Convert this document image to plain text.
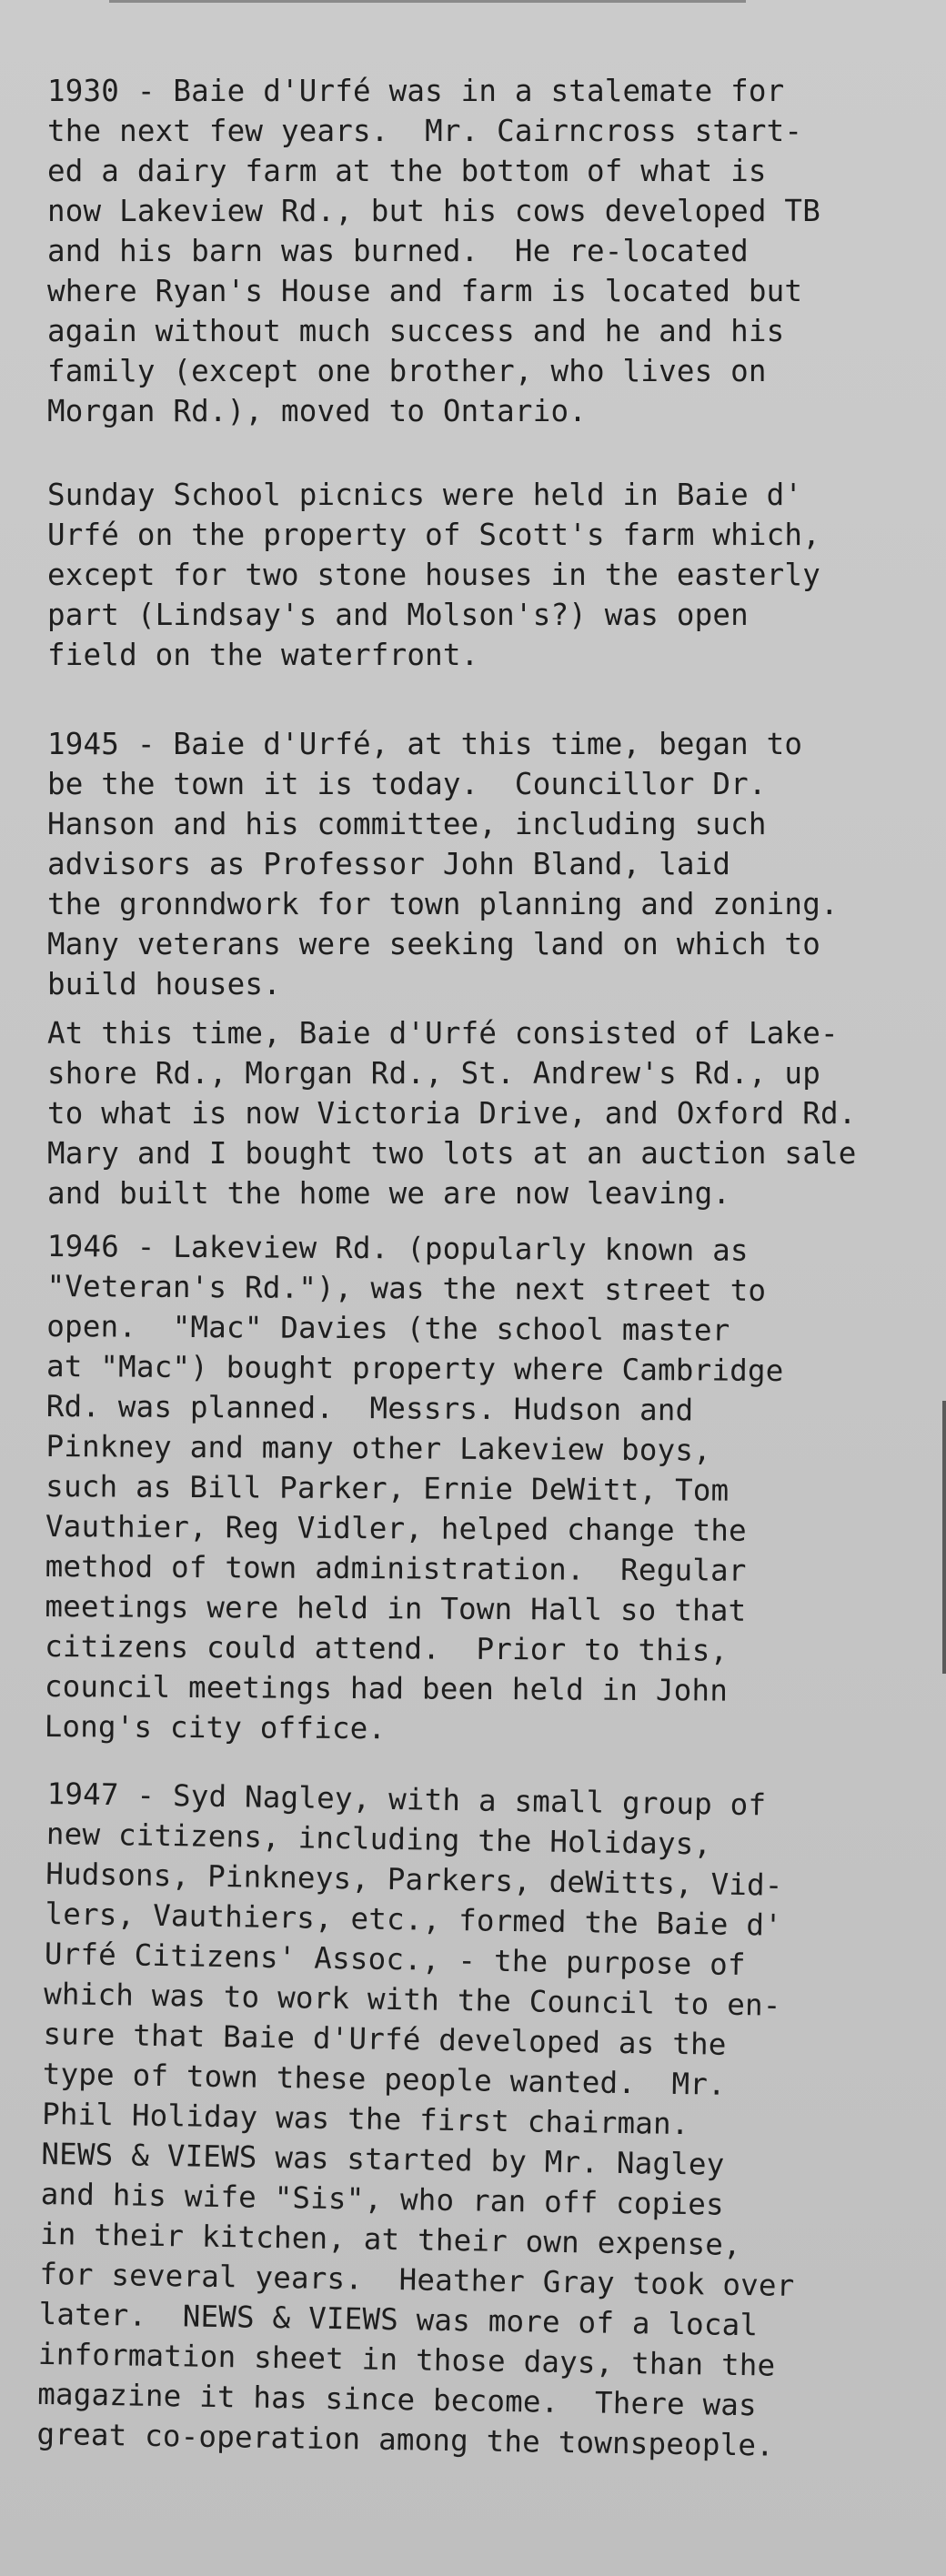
1930 - Baie d'Urfé was in a stalemate for
the next few years.  Mr. Cairncross start-
ed a dairy farm at the bottom of what is
now Lakeview Rd., but his cows developed TB
and his barn was burned.  He re-located
where Ryan's House and farm is located but
again without much success and he and his
family (except one brother, who lives on
Morgan Rd.), moved to Ontario.
Sunday School picnics were held in Baie d'
Urfé on the property of Scott's farm which,
except for two stone houses in the easterly
part (Lindsay's and Molson's?) was open
field on the waterfront.
1945 - Baie d'Urfé, at this time, began to
be the town it is today.  Councillor Dr.
Hanson and his committee, including such
advisors as Professor John Bland, laid
the gronndwork for town planning and zoning.
Many veterans were seeking land on which to
build houses.
At this time, Baie d'Urfé consisted of Lake-
shore Rd., Morgan Rd., St. Andrew's Rd., up
to what is now Victoria Drive, and Oxford Rd.
Mary and I bought two lots at an auction sale
and built the home we are now leaving.
1946 - Lakeview Rd. (popularly known as
"Veteran's Rd."), was the next street to
open.  "Mac" Davies (the school master
at "Mac") bought property where Cambridge
Rd. was planned.  Messrs. Hudson and
Pinkney and many other Lakeview boys,
such as Bill Parker, Ernie DeWitt, Tom
Vauthier, Reg Vidler, helped change the
method of town administration.  Regular
meetings were held in Town Hall so that
citizens could attend.  Prior to this,
council meetings had been held in John
Long's city office.
1947 - Syd Nagley, with a small group of
new citizens, including the Holidays,
Hudsons, Pinkneys, Parkers, deWitts, Vid-
lers, Vauthiers, etc., formed the Baie d'
Urfé Citizens' Assoc., - the purpose of
which was to work with the Council to en-
sure that Baie d'Urfé developed as the
type of town these people wanted.  Mr.
Phil Holiday was the first chairman.
NEWS & VIEWS was started by Mr. Nagley
and his wife "Sis", who ran off copies
in their kitchen, at their own expense,
for several years.  Heather Gray took over
later.  NEWS & VIEWS was more of a local
information sheet in those days, than the
magazine it has since become.  There was
great co-operation among the townspeople.
